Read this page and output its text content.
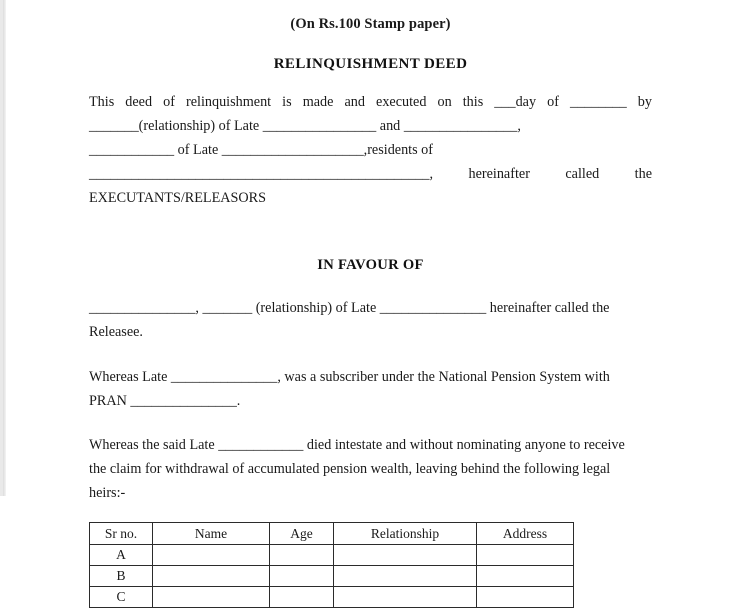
(On Rs.100 Stamp paper)
RELINQUISHMENT DEED
This deed of relinquishment is made and executed on this ___day of ________ by
_______(relationship) of Late ________________ and ________________,
____________ of Late ____________________,residents of
________________________________________________, hereinafter called the
EXECUTANTS/RELEASORS
IN FAVOUR OF
_______________, _______ (relationship) of Late _______________ hereinafter called the
Releasee.
Whereas Late _______________, was a subscriber under the National Pension System with
PRAN _______________.
Whereas the said Late ____________ died intestate and without nominating anyone to receive
the claim for withdrawal of accumulated pension wealth, leaving behind the following legal
heirs:-
Sr no.	Name	Age	Relationship	Address
A				
B				
C				
